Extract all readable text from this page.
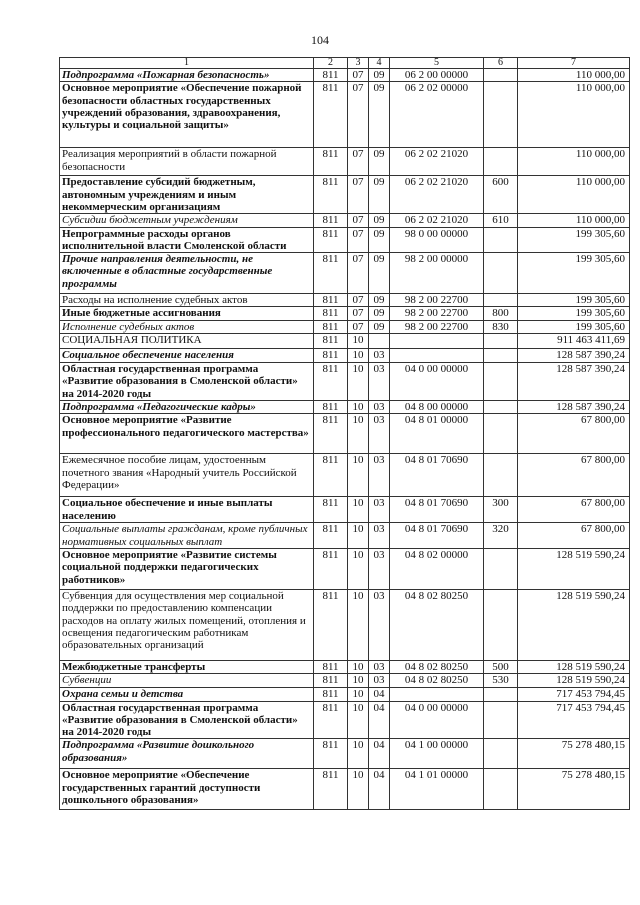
104
1	2	3	4	5	6	7
Подпрограмма «Пожарная безопасность»	811	07	09	06 2 00 00000		110 000,00
Основное мероприятие «Обеспечение пожарной безопасности областных государственных учреждений образования, здравоохранения, культуры и социальной защиты»	811	07	09	06 2 02 00000		110 000,00
Реализация мероприятий в области пожарной безопасности	811	07	09	06 2 02 21020		110 000,00
Предоставление субсидий бюджетным, автономным учреждениям и иным некоммерческим организациям	811	07	09	06 2 02 21020	600	110 000,00
Субсидии бюджетным учреждениям	811	07	09	06 2 02 21020	610	110 000,00
Непрограммные расходы органов исполнительной власти Смоленской области	811	07	09	98 0 00 00000		199 305,60
Прочие направления деятельности, не включенные в областные государственные программы	811	07	09	98 2 00 00000		199 305,60
Расходы на исполнение судебных актов	811	07	09	98 2 00 22700		199 305,60
Иные бюджетные ассигнования	811	07	09	98 2 00 22700	800	199 305,60
Исполнение судебных актов	811	07	09	98 2 00 22700	830	199 305,60
СОЦИАЛЬНАЯ ПОЛИТИКА	811	10				911 463 411,69
Социальное обеспечение населения	811	10	03			128 587 390,24
Областная государственная программа «Развитие образования в Смоленской области» на 2014-2020 годы	811	10	03	04 0 00 00000		128 587 390,24
Подпрограмма «Педагогические кадры»	811	10	03	04 8 00 00000		128 587 390,24
Основное мероприятие «Развитие профессионального педагогического мастерства»	811	10	03	04 8 01 00000		67 800,00
Ежемесячное пособие лицам, удостоенным почетного звания «Народный учитель Российской Федерации»	811	10	03	04 8 01 70690		67 800,00
Социальное обеспечение и иные выплаты населению	811	10	03	04 8 01 70690	300	67 800,00
Социальные выплаты гражданам, кроме публичных нормативных социальных выплат	811	10	03	04 8 01 70690	320	67 800,00
Основное мероприятие «Развитие системы социальной поддержки педагогических работников»	811	10	03	04 8 02 00000		128 519 590,24
Субвенция для осуществления мер социальной поддержки по предоставлению компенсации расходов на оплату жилых помещений, отопления и освещения педагогическим работникам образовательных организаций	811	10	03	04 8 02 80250		128 519 590,24
Межбюджетные трансферты	811	10	03	04 8 02 80250	500	128 519 590,24
Субвенции	811	10	03	04 8 02 80250	530	128 519 590,24
Охрана семьи и детства	811	10	04			717 453 794,45
Областная государственная программа «Развитие образования в Смоленской области» на 2014-2020 годы	811	10	04	04 0 00 00000		717 453 794,45
Подпрограмма «Развитие дошкольного образования»	811	10	04	04 1 00 00000		75 278 480,15
Основное мероприятие «Обеспечение государственных гарантий доступности дошкольного образования»	811	10	04	04 1 01 00000		75 278 480,15
